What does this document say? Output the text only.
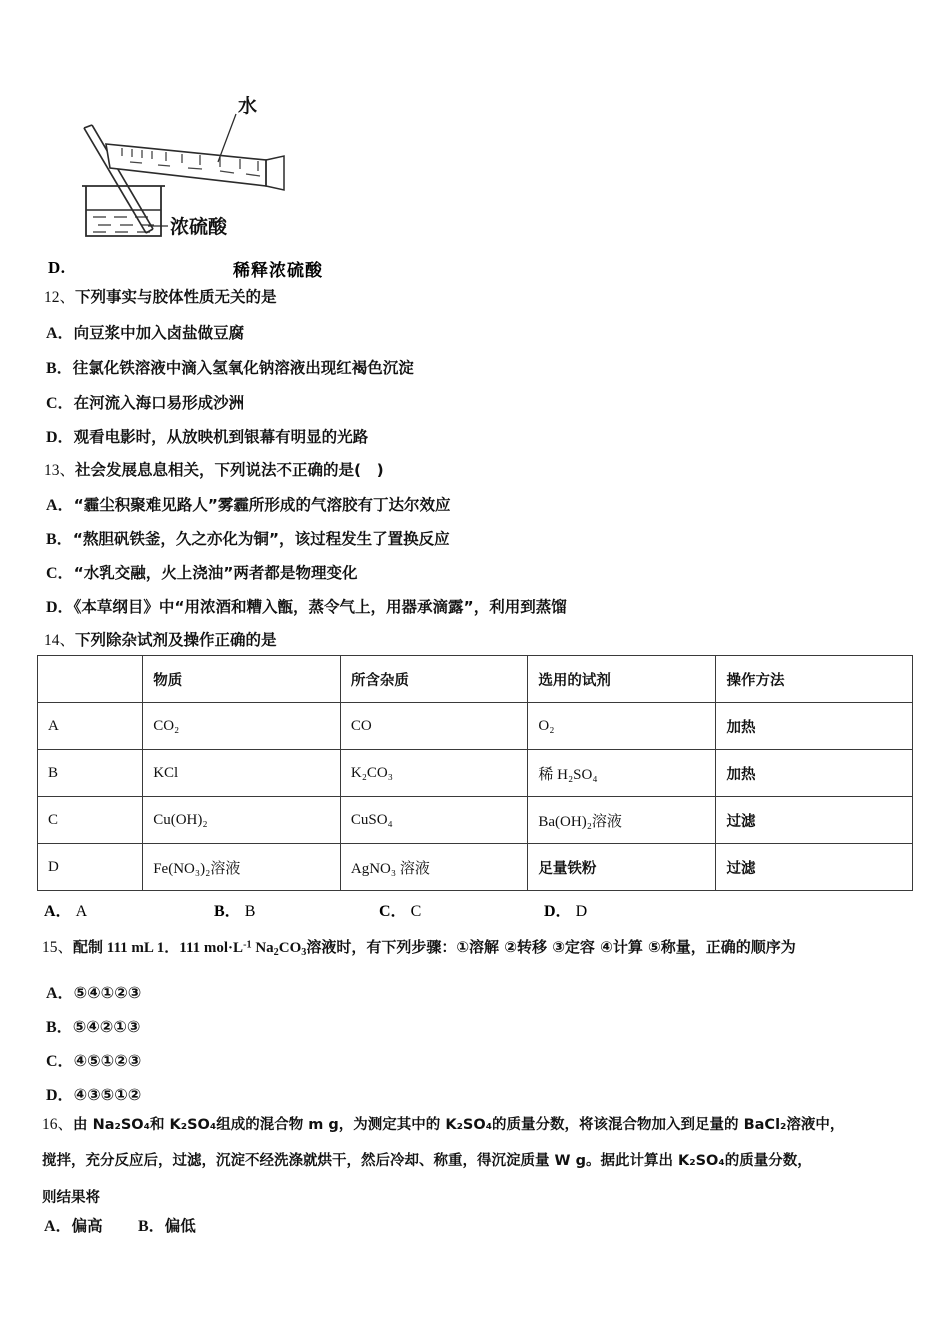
D.
水
浓硫酸
稀释浓硫酸
12、下列事实与胶体性质无关的是
A．向豆浆中加入卤盐做豆腐
B．往氯化铁溶液中滴入氢氧化钠溶液出现红褐色沉淀
C．在河流入海口易形成沙洲
D．观看电影时，从放映机到银幕有明显的光路
13、社会发展息息相关，下列说法不正确的是(　)
A．“霾尘积聚难见路人”雾霾所形成的气溶胶有丁达尔效应
B．“熬胆矾铁釜，久之亦化为铜”，该过程发生了置换反应
C．“水乳交融，火上浇油”两者都是物理变化
D．《本草纲目》中“用浓酒和糟入甑，蒸令气上，用器承滴露”，利用到蒸馏
14、下列除杂试剂及操作正确的是
	物质	所含杂质	选用的试剂	操作方法
A	CO₂	CO	O₂	加热
B	KCl	K₂CO₃	稀 H₂SO₄	加热
C	Cu(OH)₂	CuSO₄	Ba(OH)₂溶液	过滤
D	Fe(NO₃)₂溶液	AgNO₃ 溶液	足量铁粉	过滤
A． A	B． B	C． C	D． D
15、配制 111 mL 1．111 $mol\cdot L^{-1}$ $Na_2CO_3$溶液时，有下列步骤：①溶解 ②转移 ③定容 ④计算 ⑤称量，正确的顺序为
A．⑤④①②③
B．⑤④②①③
C．④⑤①②③
D．④③⑤①②
16、由 Na₂SO₄和 K₂SO₄组成的混合物 m g，为测定其中的 K₂SO₄的质量分数，将该混合物加入到足量的 BaCl₂溶液中，
搅拌，充分反应后，过滤，沉淀不经洗涤就烘干，然后冷却、称重，得沉淀质量 W g。据此计算出 K₂SO₄的质量分数，
则结果将
A．偏高 B．偏低
